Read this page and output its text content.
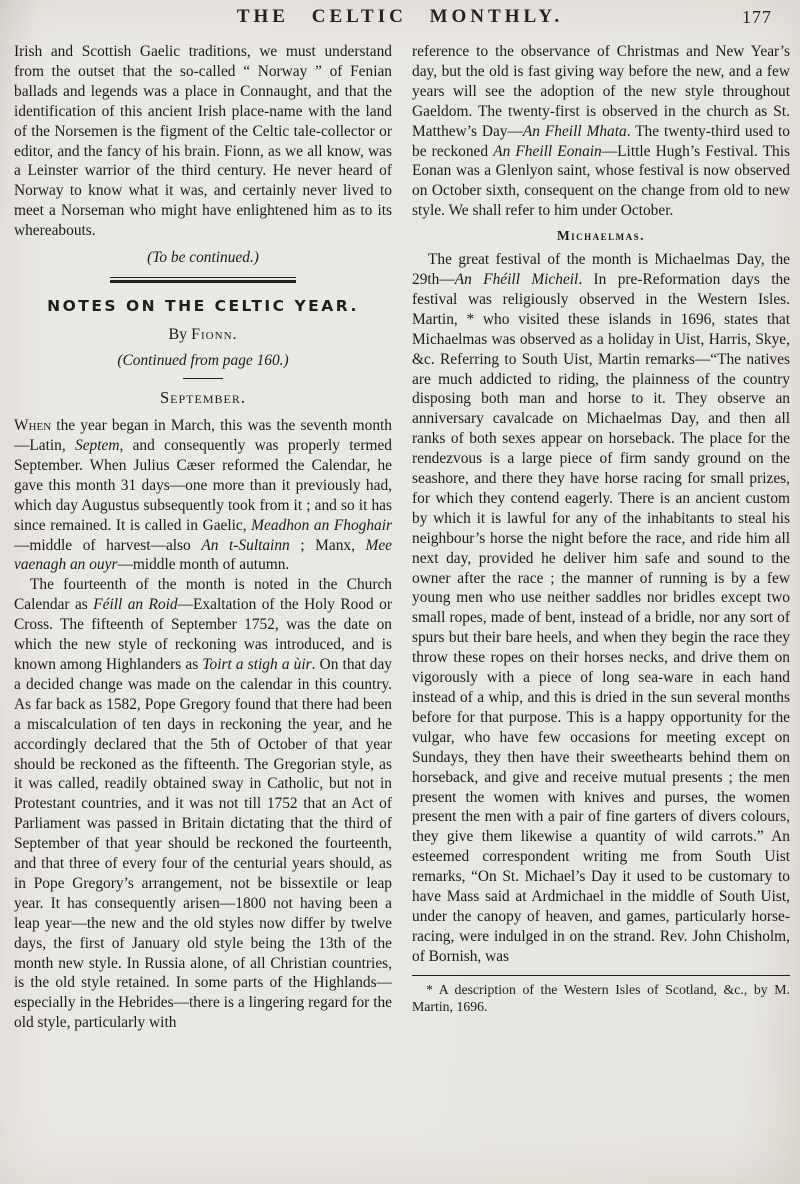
THE CELTIC MONTHLY.	177

Irish and Scottish Gaelic traditions, we must understand from the outset that the so-called “ Norway ” of Fenian ballads and legends was a place in Connaught, and that the identification of this ancient Irish place-name with the land of the Norsemen is the figment of the Celtic tale-collector or editor, and the fancy of his brain. Fionn, as we all know, was a Leinster warrior of the third century. He never heard of Norway to know what it was, and certainly never lived to meet a Norseman who might have enlightened him as to its whereabouts.

(To be continued.)

NOTES ON THE CELTIC YEAR.
By Fionn.
(Continued from page 160.)
September.

When the year began in March, this was the seventh month—Latin, Septem, and consequently was properly termed September. When Julius Cæser reformed the Calendar, he gave this month 31 days—one more than it previously had, which day Augustus subsequently took from it ; and so it has since remained. It is called in Gaelic, Meadhon an Fhoghair—middle of harvest—also An t-Sultainn ; Manx, Mee vaenagh an ouyr—middle month of autumn.

The fourteenth of the month is noted in the Church Calendar as Féill an Roid—Exaltation of the Holy Rood or Cross. The fifteenth of September 1752, was the date on which the new style of reckoning was introduced, and is known among Highlanders as Toirt a stigh a ùir. On that day a decided change was made on the calendar in this country. As far back as 1582, Pope Gregory found that there had been a miscalculation of ten days in reckoning the year, and he accordingly declared that the 5th of October of that year should be reckoned as the fifteenth. The Gregorian style, as it was called, readily obtained sway in Catholic, but not in Protestant countries, and it was not till 1752 that an Act of Parliament was passed in Britain dictating that the third of September of that year should be reckoned the fourteenth, and that three of every four of the centurial years should, as in Pope Gregory’s arrangement, not be bissextile or leap year. It has consequently arisen—1800 not having been a leap year—the new and the old styles now differ by twelve days, the first of January old style being the 13th of the month new style. In Russia alone, of all Christian countries, is the old style retained. In some parts of the Highlands—especially in the Hebrides—there is a lingering regard for the old style, particularly with

reference to the observance of Christmas and New Year’s day, but the old is fast giving way before the new, and a few years will see the adoption of the new style throughout Gaeldom. The twenty-first is observed in the church as St. Matthew’s Day—An Fheill Mhata. The twenty-third used to be reckoned An Fheill Eonain—Little Hugh’s Festival. This Eonan was a Glenlyon saint, whose festival is now observed on October sixth, consequent on the change from old to new style. We shall refer to him under October.

Michaelmas.

The great festival of the month is Michaelmas Day, the 29th—An Fhéill Micheil. In pre-Reformation days the festival was religiously observed in the Western Isles. Martin, * who visited these islands in 1696, states that Michaelmas was observed as a holiday in Uist, Harris, Skye, &c. Referring to South Uist, Martin remarks—“The natives are much addicted to riding, the plainness of the country disposing both man and horse to it. They observe an anniversary cavalcade on Michaelmas Day, and then all ranks of both sexes appear on horseback. The place for the rendezvous is a large piece of firm sandy ground on the seashore, and there they have horse racing for small prizes, for which they contend eagerly. There is an ancient custom by which it is lawful for any of the inhabitants to steal his neighbour’s horse the night before the race, and ride him all next day, provided he deliver him safe and sound to the owner after the race ; the manner of running is by a few young men who use neither saddles nor bridles except two small ropes, made of bent, instead of a bridle, nor any sort of spurs but their bare heels, and when they begin the race they throw these ropes on their horses necks, and drive them on vigorously with a piece of long sea-ware in each hand instead of a whip, and this is dried in the sun several months before for that purpose. This is a happy opportunity for the vulgar, who have few occasions for meeting except on Sundays, they then have their sweethearts behind them on horseback, and give and receive mutual presents ; the men present the women with knives and purses, the women present the men with a pair of fine garters of divers colours, they give them likewise a quantity of wild carrots.” An esteemed correspondent writing me from South Uist remarks, “On St. Michael’s Day it used to be customary to have Mass said at Ardmichael in the middle of South Uist, under the canopy of heaven, and games, particularly horse-racing, were indulged in on the strand. Rev. John Chisholm, of Bornish, was

* A description of the Western Isles of Scotland, &c., by M. Martin, 1696.
